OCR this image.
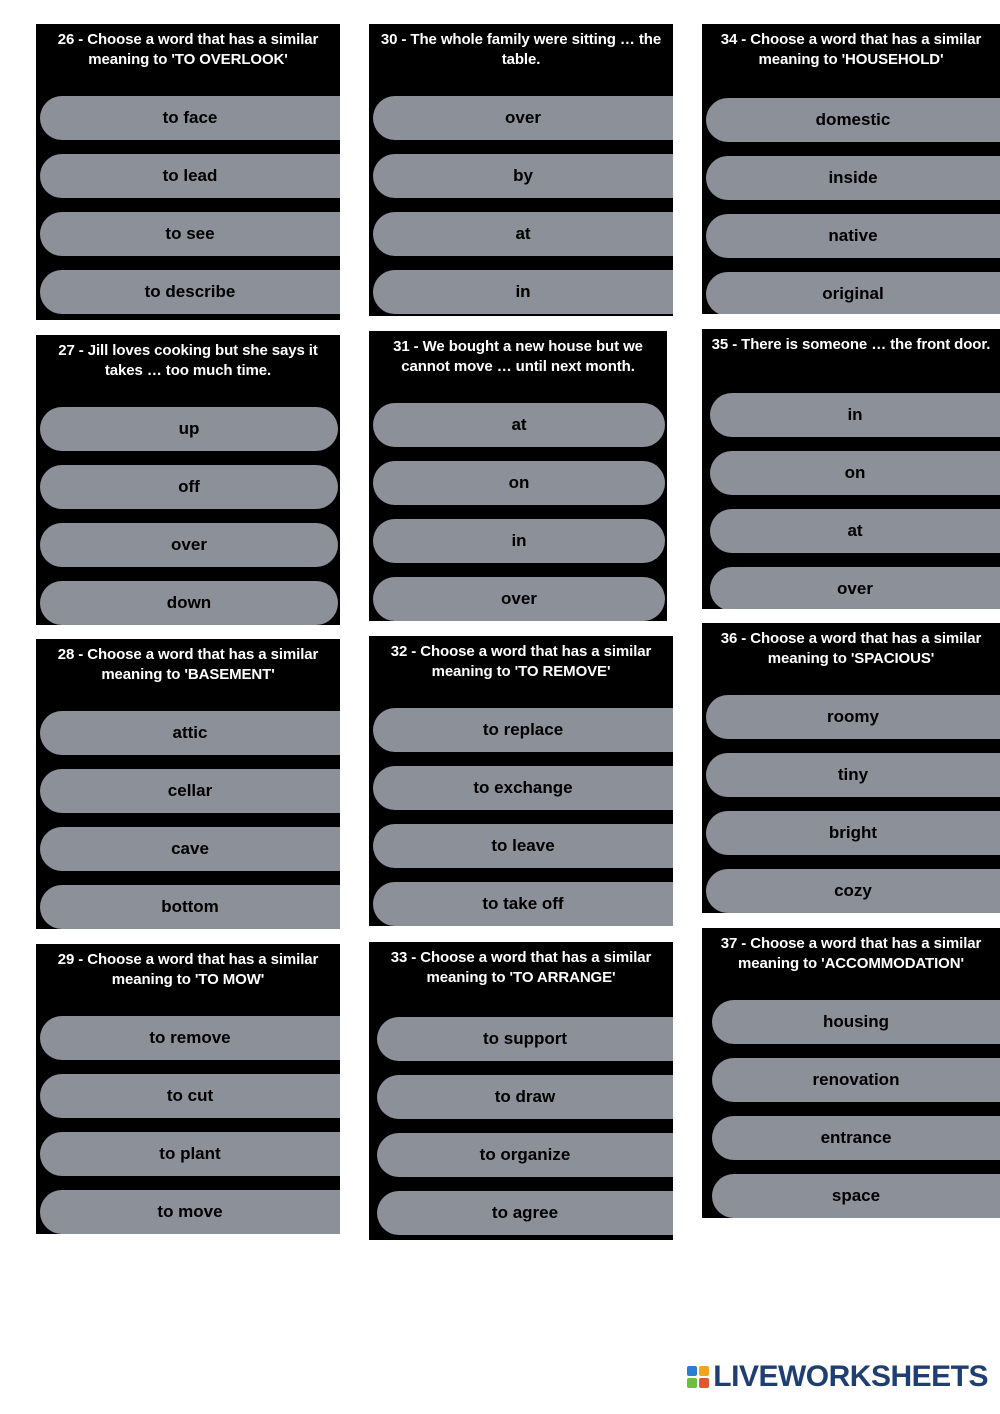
26 - Choose a word that has a similar meaning to 'TO OVERLOOK'
to face
to lead
to see
to describe
27 - Jill loves cooking but she says it takes … too much time.
up
off
over
down
28 - Choose a word that has a similar meaning to 'BASEMENT'
attic
cellar
cave
bottom
29 - Choose a word that has a similar meaning to 'TO MOW'
to remove
to cut
to plant
to move
30 - The whole family were sitting … the table.
over
by
at
in
31 - We bought a new house but we cannot move … until next month.
at
on
in
over
32 - Choose a word that has a similar meaning to 'TO REMOVE'
to replace
to exchange
to leave
to take off
33 - Choose a word that has a similar meaning to 'TO ARRANGE'
to support
to draw
to organize
to agree
34 - Choose a word that has a similar meaning to 'HOUSEHOLD'
domestic
inside
native
original
35 - There is someone … the front door.
in
on
at
over
36 - Choose a word that has a similar meaning to 'SPACIOUS'
roomy
tiny
bright
cozy
37 - Choose a word that has a similar meaning to 'ACCOMMODATION'
housing
renovation
entrance
space
LIVEWORKSHEETS
